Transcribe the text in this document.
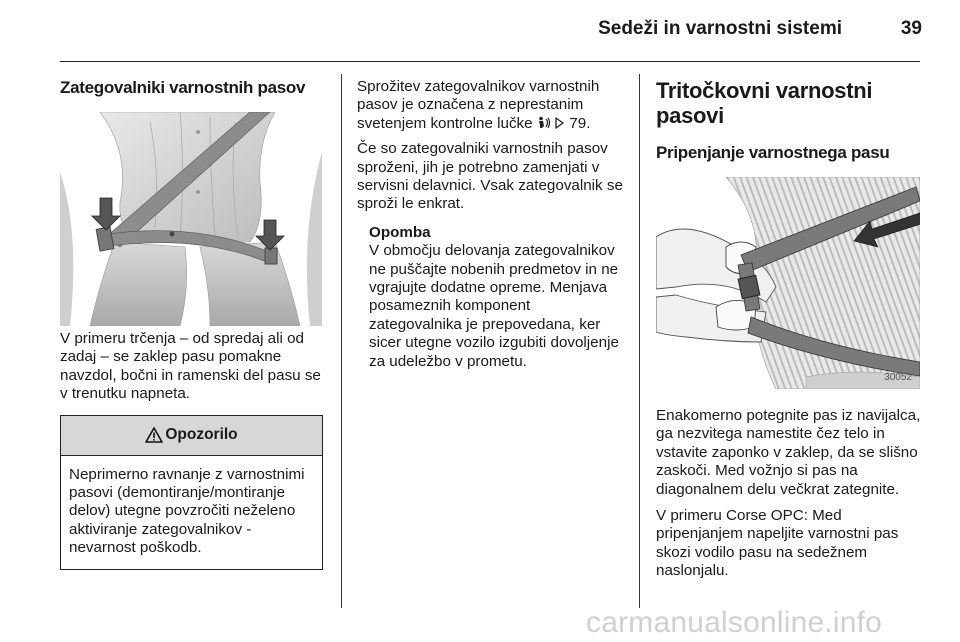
Sedeži in varnostni sistemi	39
Zategovalniki varnostnih pasov

V primeru trčenja – od spredaj ali od zadaj – se zaklep pasu pomakne navzdol, bočni in ramenski del pasu se v trenutku napneta.

Opozorilo

Neprimerno ravnanje z varnostnimi pasovi (demontiranje/montiranje delov) utegne povzročiti neželeno aktiviranje zategovalnikov - nevarnost poškodb.

Sprožitev zategovalnikov varnostnih pasov je označena z neprestanim svetenjem kontrolne lučke 79.

Če so zategovalniki varnostnih pasov sproženi, jih je potrebno zamenjati v servisni delavnici. Vsak zategovalnik se sproži le enkrat.

Opomba

V območju delovanja zategovalnikov ne puščajte nobenih predmetov in ne vgrajujte dodatne opreme. Menjava posameznih komponent zategovalnika je prepovedana, ker sicer utegne vozilo izgubiti dovoljenje za udeležbo v prometu.

Tritočkovni varnostni pasovi
Pripenjanje varnostnega pasu
30052

Enakomerno potegnite pas iz navijalca, ga nezvitega namestite čez telo in vstavite zaponko v zaklep, da se slišno zaskoči. Med vožnjo si pas na diagonalnem delu večkrat zategnite.

V primeru Corse OPC: Med pripenjanjem napeljite varnostni pas skozi vodilo pasu na sedežnem naslonjalu.

carmanualsonline.info
